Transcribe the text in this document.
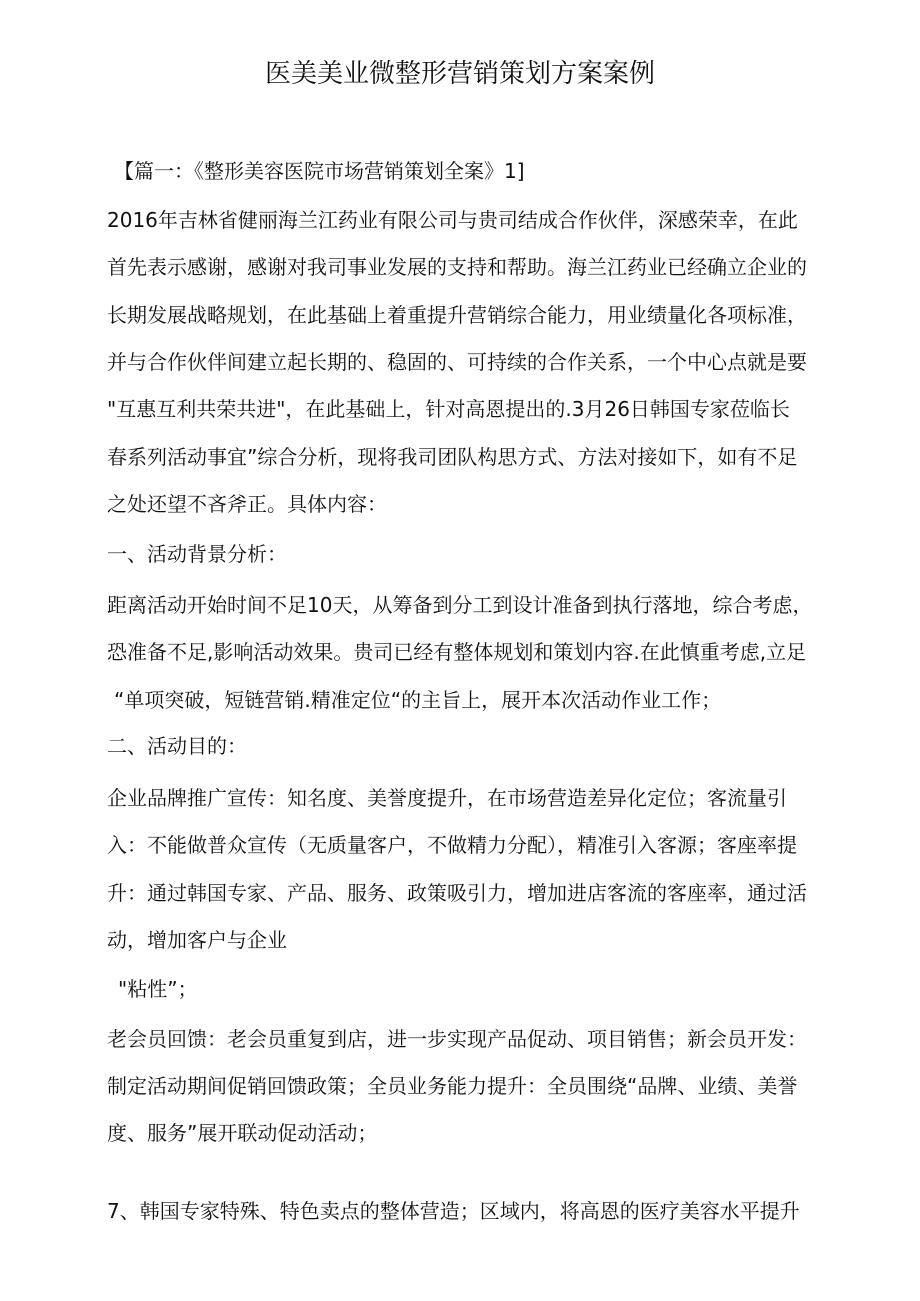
医美美业微整形营销策划方案案例
【篇一：《整形美容医院市场营销策划全案》1]
2016年吉林省健丽海兰江药业有限公司与贵司结成合作伙伴，深感荣幸，在此
首先表示感谢，感谢对我司事业发展的支持和帮助。海兰江药业已经确立企业的
长期发展战略规划，在此基础上着重提升营销综合能力，用业绩量化各项标准，
并与合作伙伴间建立起长期的、稳固的、可持续的合作关系，一个中心点就是要
"互惠互利共荣共进"，在此基础上，针对高恩提出的.3月26日韩国专家莅临长
春系列活动事宜”综合分析，现将我司团队构思方式、方法对接如下，如有不足
之处还望不吝斧正。具体内容：
一、活动背景分析：
距离活动开始时间不足10天，从筹备到分工到设计准备到执行落地，综合考虑，
恐准备不足,影响活动效果。贵司已经有整体规划和策划内容.在此慎重考虑,立足
“单项突破，短链营销.精准定位“的主旨上，展开本次活动作业工作；
二、活动目的：
企业品牌推广宣传：知名度、美誉度提升，在市场营造差异化定位；客流量引
入：不能做普众宣传（无质量客户，不做精力分配），精准引入客源；客座率提
升：通过韩国专家、产品、服务、政策吸引力，增加进店客流的客座率，通过活
动，增加客户与企业
"粘性”；
老会员回馈：老会员重复到店，进一步实现产品促动、项目销售；新会员开发：
制定活动期间促销回馈政策；全员业务能力提升：全员围绕“品牌、业绩、美誉
度、服务”展开联动促动活动；
7、韩国专家特殊、特色卖点的整体营造；区域内，将高恩的医疗美容水平提升
